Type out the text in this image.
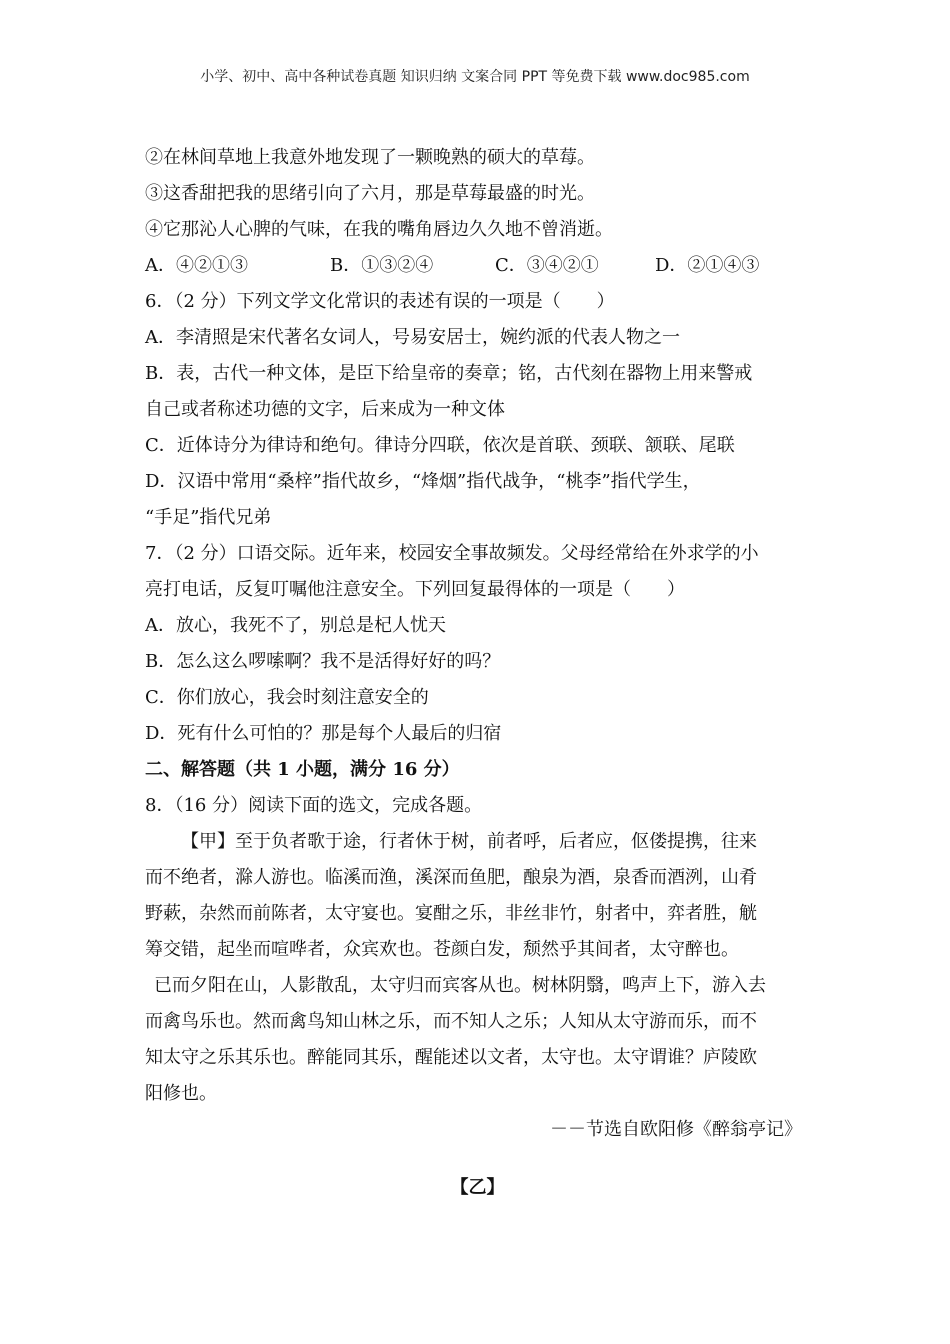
小学、初中、高中各种试卷真题 知识归纳 文案合同 PPT 等免费下载 www.doc985.com
②在林间草地上我意外地发现了一颗晚熟的硕大的草莓。
③这香甜把我的思绪引向了六月，那是草莓最盛的时光。
④它那沁人心脾的气味，在我的嘴角唇边久久地不曾消逝。
A．④②①③	B．①③②④	C．③④②①	D．②①④③
6．（2 分）下列文学文化常识的表述有误的一项是（　　）
A．李清照是宋代著名女词人，号易安居士，婉约派的代表人物之一
B．表，古代一种文体，是臣下给皇帝的奏章；铭，古代刻在器物上用来警戒
自己或者称述功德的文字，后来成为一种文体
C．近体诗分为律诗和绝句。律诗分四联，依次是首联、颈联、颔联、尾联
D．汉语中常用“桑梓”指代故乡，“烽烟”指代战争，“桃李”指代学生，
“手足”指代兄弟
7．（2 分）口语交际。近年来，校园安全事故频发。父母经常给在外求学的小
亮打电话，反复叮嘱他注意安全。下列回复最得体的一项是（　　）
A．放心，我死不了，别总是杞人忧天
B．怎么这么啰嗦啊？我不是活得好好的吗？
C．你们放心，我会时刻注意安全的
D．死有什么可怕的？那是每个人最后的归宿
二、解答题（共 1 小题，满分 16 分）
8．（16 分）阅读下面的选文，完成各题。
【甲】至于负者歌于途，行者休于树，前者呼，后者应，伛偻提携，往来
而不绝者，滁人游也。临溪而渔，溪深而鱼肥，酿泉为酒，泉香而酒洌，山肴
野蔌，杂然而前陈者，太守宴也。宴酣之乐，非丝非竹，射者中，弈者胜，觥
筹交错，起坐而喧哗者，众宾欢也。苍颜白发，颓然乎其间者，太守醉也。
已而夕阳在山，人影散乱，太守归而宾客从也。树林阴翳，鸣声上下，游入去
而禽鸟乐也。然而禽鸟知山林之乐，而不知人之乐；人知从太守游而乐，而不
知太守之乐其乐也。醉能同其乐，醒能述以文者，太守也。太守谓谁？庐陵欧
阳修也。
－－节选自欧阳修《醉翁亭记》
【乙】
